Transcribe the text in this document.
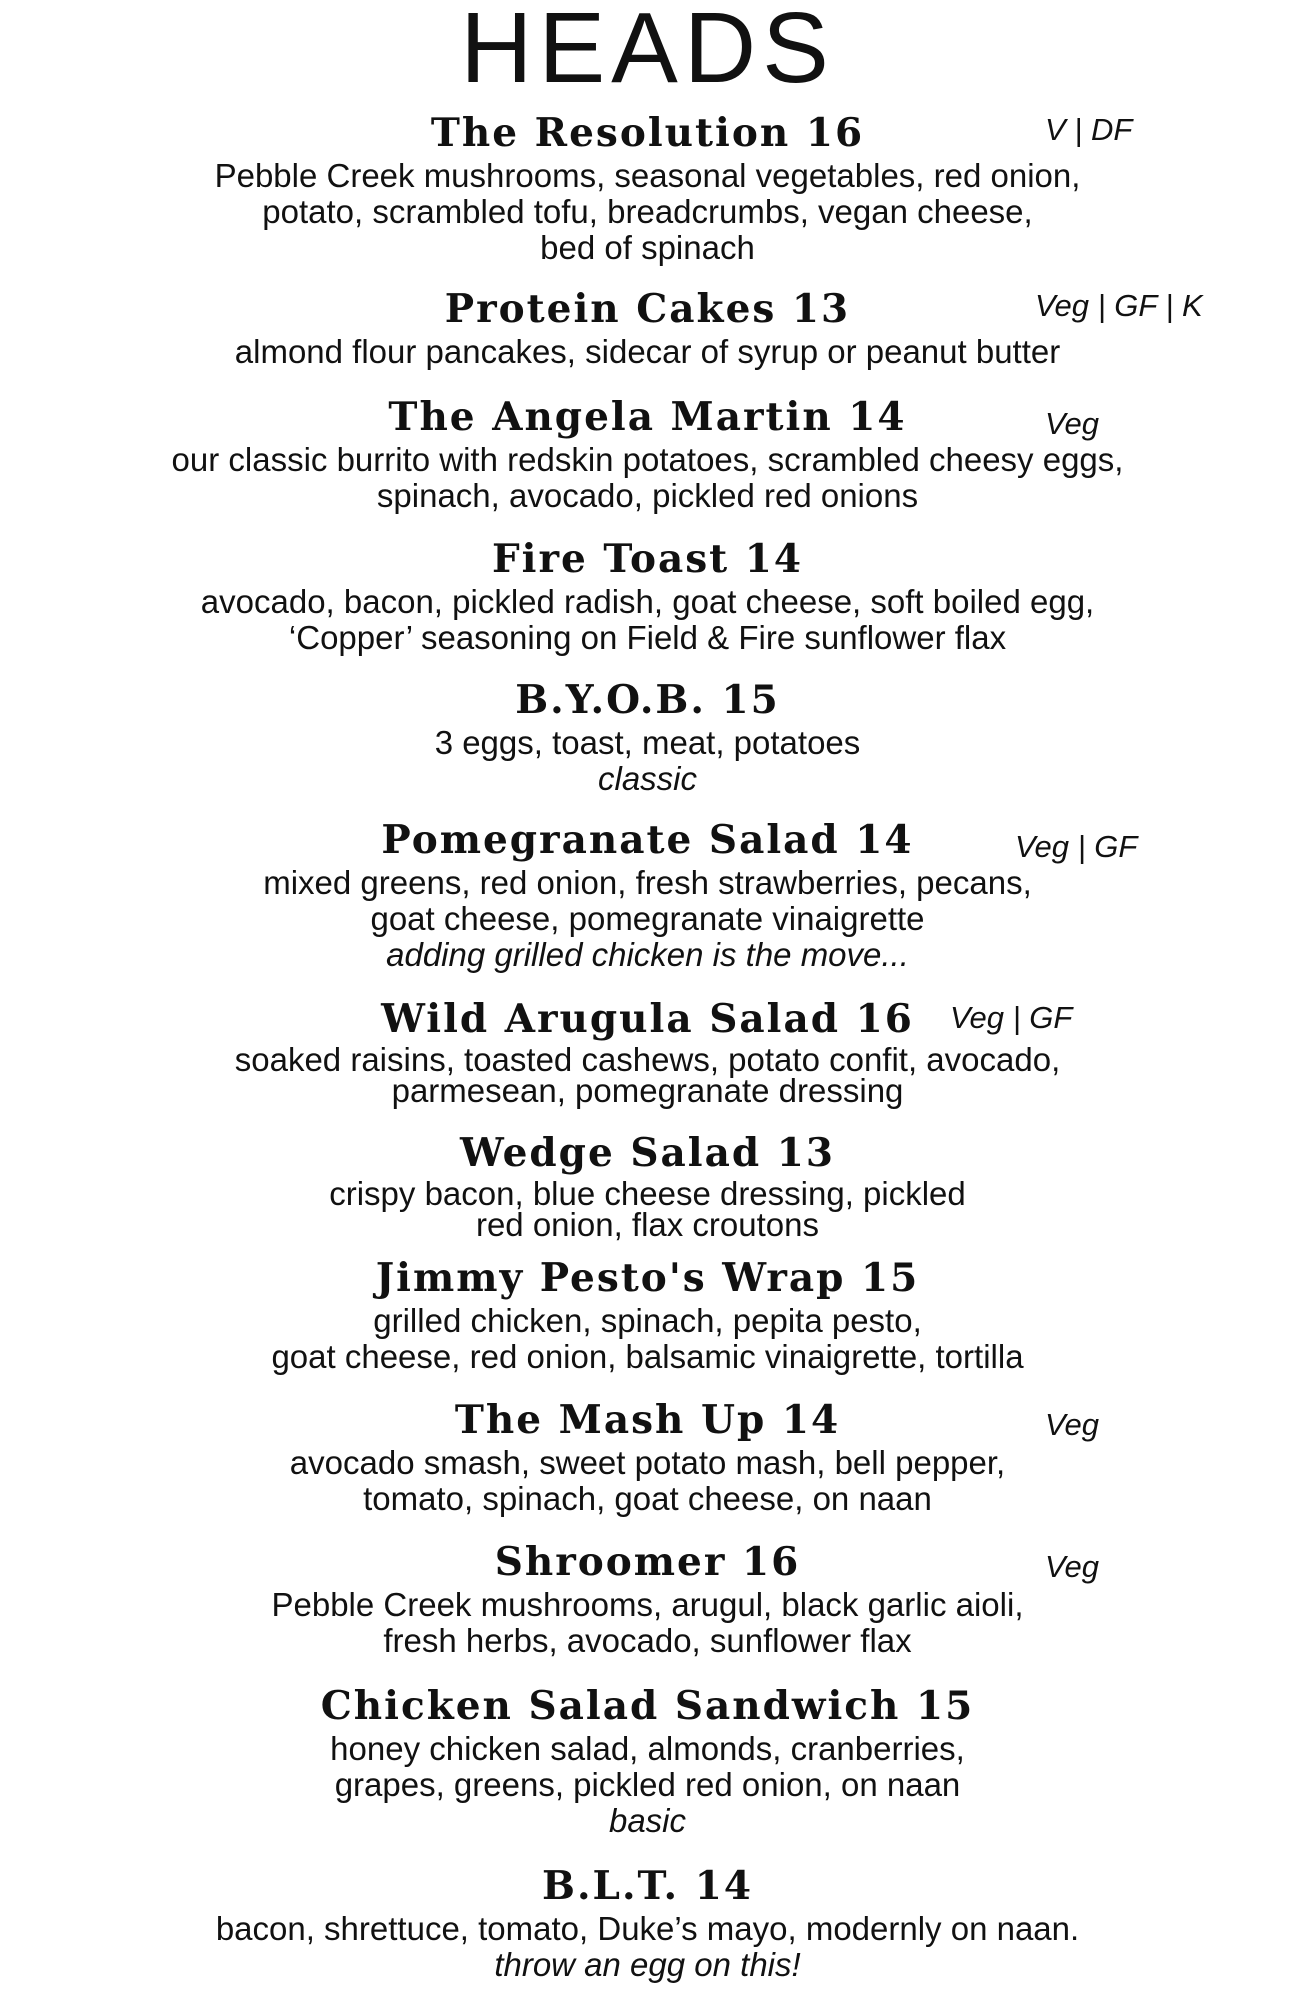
HEADS
The Resolution 16	V | DF
Pebble Creek mushrooms, seasonal vegetables, red onion,
potato, scrambled tofu, breadcrumbs, vegan cheese,
bed of spinach
Protein Cakes 13	Veg | GF | K
almond flour pancakes, sidecar of syrup or peanut butter
The Angela Martin 14	Veg
our classic burrito with redskin potatoes, scrambled cheesy eggs,
spinach, avocado, pickled red onions
Fire Toast 14
avocado, bacon, pickled radish, goat cheese, soft boiled egg,
‘Copper’ seasoning on Field & Fire sunflower flax
B.Y.O.B. 15
3 eggs, toast, meat, potatoes
classic
Pomegranate Salad 14	Veg | GF
mixed greens, red onion, fresh strawberries, pecans,
goat cheese, pomegranate vinaigrette
adding grilled chicken is the move...
Wild Arugula Salad 16	Veg | GF
soaked raisins, toasted cashews, potato confit, avocado,
parmesean, pomegranate dressing
Wedge Salad 13
crispy bacon, blue cheese dressing, pickled
red onion, flax croutons
Jimmy Pesto's Wrap 15
grilled chicken, spinach, pepita pesto,
goat cheese, red onion, balsamic vinaigrette, tortilla
The Mash Up 14	Veg
avocado smash, sweet potato mash, bell pepper,
tomato, spinach, goat cheese, on naan
Shroomer 16	Veg
Pebble Creek mushrooms, arugul, black garlic aioli,
fresh herbs, avocado, sunflower flax
Chicken Salad Sandwich 15
honey chicken salad, almonds, cranberries,
grapes, greens, pickled red onion, on naan
basic
B.L.T. 14
bacon, shrettuce, tomato, Duke’s mayo, modernly on naan.
throw an egg on this!
